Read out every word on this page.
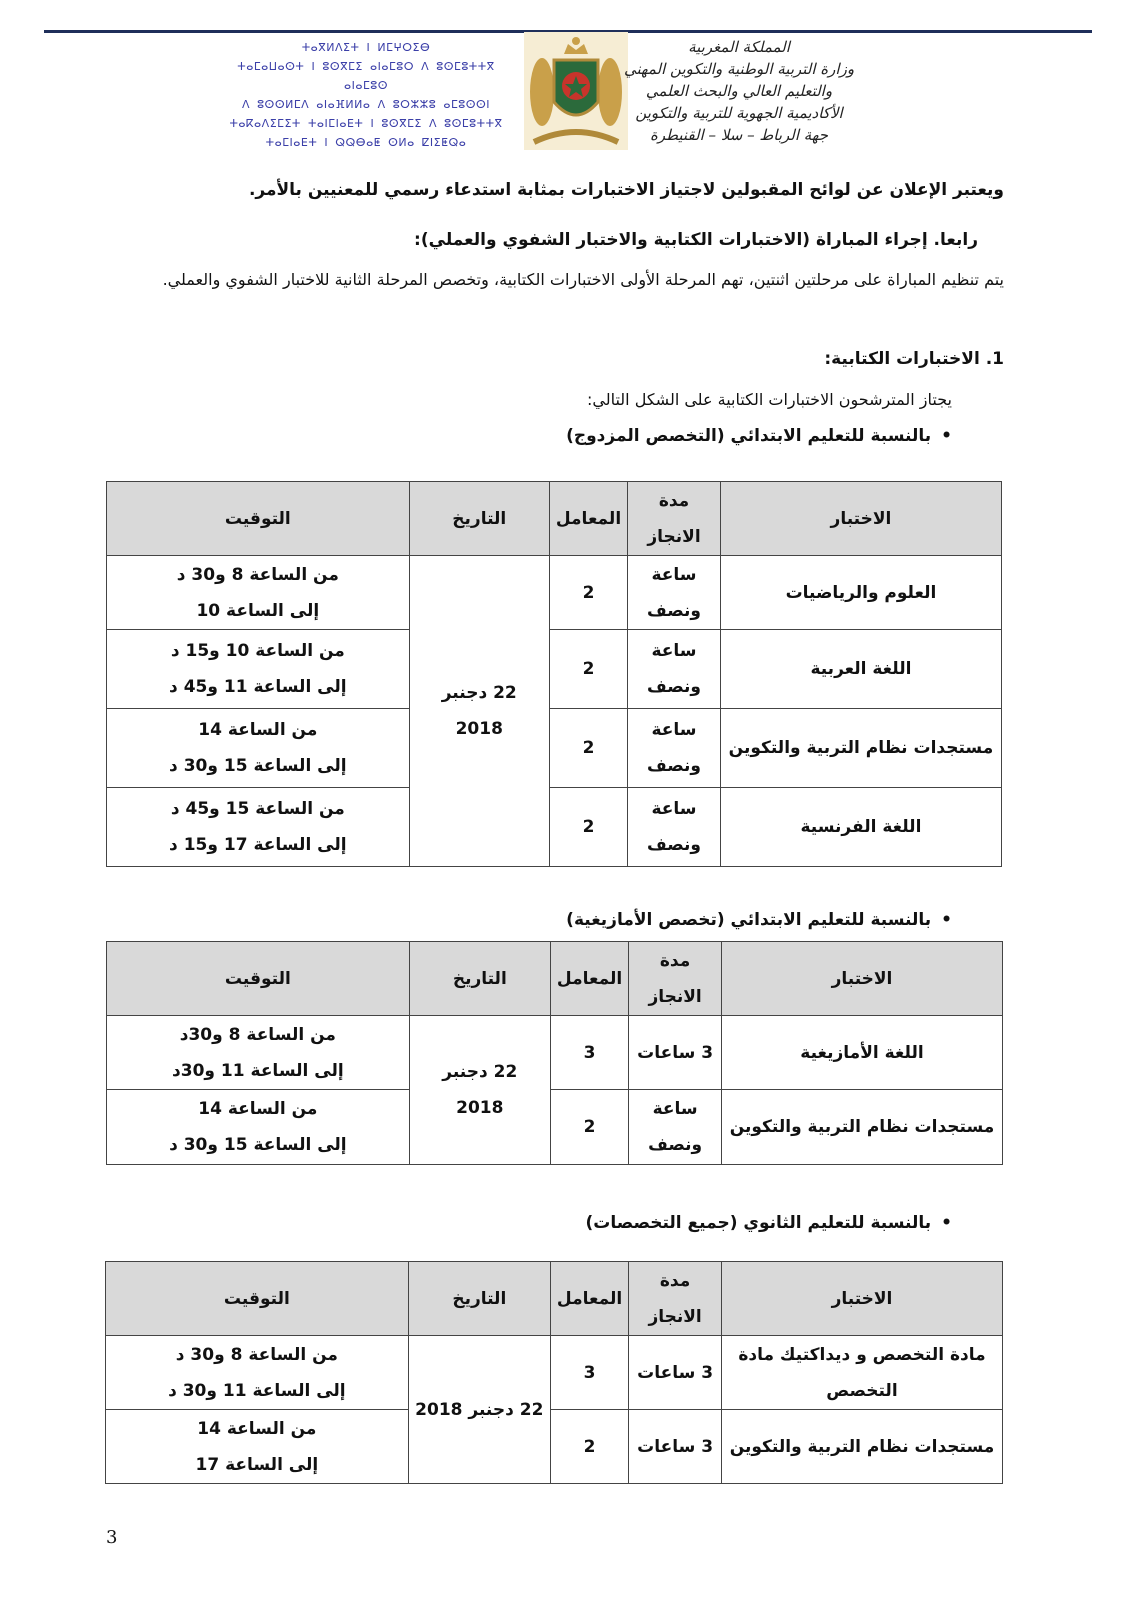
ⵜⴰⴳⵍⴷⵉⵜ ⵏ ⵍⵎⵖⵔⵉⴱ
ⵜⴰⵎⴰⵡⴰⵙⵜ ⵏ ⵓⵙⴳⵎⵉ ⴰⵏⴰⵎⵓⵔ ⴷ ⵓⵙⵎⵓⵜⵜⴳ ⴰⵏⴰⵎⵓⵙ
ⴷ ⵓⵙⵙⵍⵎⴷ ⴰⵏⴰⴼⵍⵍⴰ ⴷ ⵓⵔⵣⵣⵓ ⴰⵎⵓⵙⵙⵏ
ⵜⴰⴽⴰⴷⵉⵎⵉⵜ ⵜⴰⵏⵎⵏⴰⴹⵜ ⵏ ⵓⵙⴳⵎⵉ ⴷ ⵓⵙⵎⵓⵜⵜⴳ
ⵜⴰⵎⵏⴰⴹⵜ ⵏ ⵕⵕⴱⴰⵟ ⵙⵍⴰ ⵇⵏⵉⵟⵕⴰ
المملكة المغربية
وزارة التربية الوطنية والتكوين المهني
والتعليم العالي والبحث العلمي
الأكاديمية الجهوية للتربية والتكوين
جهة الرباط – سلا – القنيطرة
ويعتبر الإعلان عن لوائح المقبولين لاجتياز الاختبارات بمثابة استدعاء رسمي للمعنيين بالأمر.
رابعا. إجراء المباراة (الاختبارات الكتابية والاختبار الشفوي والعملي):
يتم تنظيم المباراة على مرحلتين اثنتين، تهم المرحلة الأولى الاختبارات الكتابية، وتخصص المرحلة الثانية للاختبار الشفوي والعملي.
1. الاختبارات الكتابية:
يجتاز المترشحون الاختبارات الكتابية على الشكل التالي:
• بالنسبة للتعليم الابتدائي (التخصص المزدوج)
الاختبار	مدة الانجاز	المعامل	التاريخ	التوقيت
العلوم والرياضيات	ساعة ونصف	2	22 دجنبر 2018	من الساعة 8 و30 د
إلى الساعة 10

اللغة العربية	ساعة ونصف	2		من الساعة 10 و15 د
إلى الساعة 11 و45 د

مستجدات نظام التربية والتكوين	ساعة ونصف	2		من الساعة 14
إلى الساعة 15 و30 د

اللغة الفرنسية	ساعة ونصف	2		من الساعة 15 و45 د
إلى الساعة 17 و15 د
• بالنسبة للتعليم الابتدائي (تخصص الأمازيغية)
الاختبار	مدة الانجاز	المعامل	التاريخ	التوقيت
اللغة الأمازيغية	3 ساعات	3	22 دجنبر 2018	من الساعة 8 و30د
إلى الساعة 11 و30د

مستجدات نظام التربية والتكوين	ساعة ونصف	2		من الساعة 14
إلى الساعة 15 و30 د
• بالنسبة للتعليم الثانوي (جميع التخصصات)
الاختبار	مدة الانجاز	المعامل	التاريخ	التوقيت
مادة التخصص و ديداكتيك مادة التخصص	3 ساعات	3	22 دجنبر 2018	من الساعة 8 و30 د
إلى الساعة 11 و30 د

مستجدات نظام التربية والتكوين	3 ساعات	2		من الساعة 14
إلى الساعة 17
3
